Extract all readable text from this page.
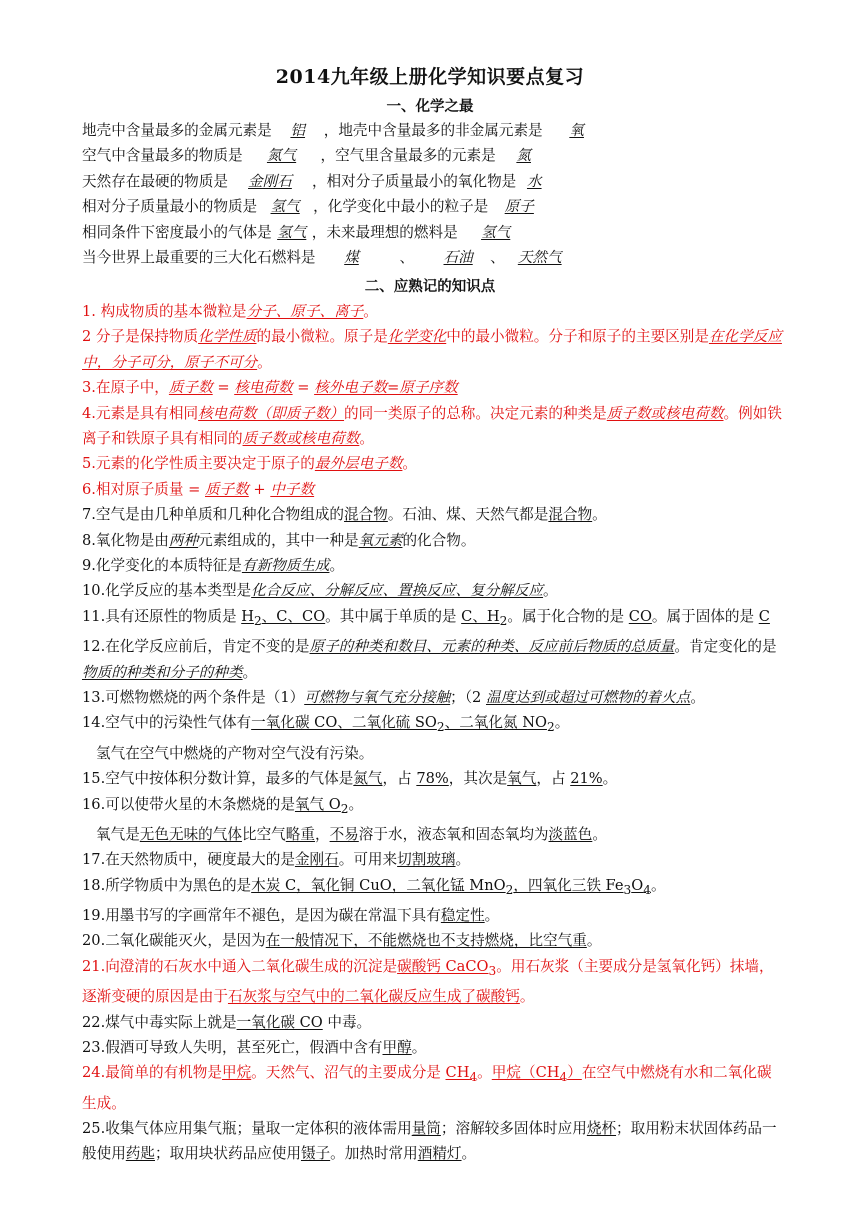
2014九年级上册化学知识要点复习
一、化学之最
地壳中含量最多的金属元素是 铝 ，地壳中含量最多的非金属元素是 氧
空气中含量最多的物质是 氮气 ，空气里含量最多的元素是 氮
天然存在最硬的物质是 金刚石 ，相对分子质量最小的氧化物是 水
相对分子质量最小的物质是 氢气 ，化学变化中最小的粒子是 原子
相同条件下密度最小的气体是 氢气 ，未来最理想的燃料是 氢气
当今世界上最重要的三大化石燃料是 煤	、 石油 、 天然气
二、应熟记的知识点
1. 构成物质的基本微粒是分子、原子、离子。
2 分子是保持物质化学性质的最小微粒。原子是化学变化中的最小微粒。分子和原子的主要区别是在化学反应中，分子可分，原子不可分。
3.在原子中，质子数 = 核电荷数 = 核外电子数=原子序数
4.元素是具有相同核电荷数（即质子数）的同一类原子的总称。决定元素的种类是质子数或核电荷数。例如铁离子和铁原子具有相同的质子数或核电荷数。
5.元素的化学性质主要决定于原子的最外层电子数。
6.相对原子质量 = 质子数 + 中子数
7.空气是由几种单质和几种化合物组成的混合物。石油、煤、天然气都是混合物。
8.氧化物是由两种元素组成的，其中一种是氧元素的化合物。
9.化学变化的本质特征是有新物质生成。
10.化学反应的基本类型是化合反应、分解反应、置换反应、复分解反应。
11.具有还原性的物质是 $H_2$、C、CO。其中属于单质的是 C、$H_2$。属于化合物的是 CO。属于固体的是 C
12.在化学反应前后，肯定不变的是原子的种类和数目、元素的种类、反应前后物质的总质量。肯定变化的是物质的种类和分子的种类。
13.可燃物燃烧的两个条件是（1）可燃物与氧气充分接触；（2 温度达到或超过可燃物的着火点。
14.空气中的污染性气体有一氧化碳 CO、二氧化硫 $SO_2$、二氧化氮 $NO_2$。
氢气在空气中燃烧的产物对空气没有污染。
15.空气中按体积分数计算，最多的气体是氮气，占 78%，其次是氧气，占 21%。
16.可以使带火星的木条燃烧的是氧气 $O_2$。
氧气是无色无味的气体比空气略重，不易溶于水，液态氧和固态氧均为淡蓝色。
17.在天然物质中，硬度最大的是金刚石。可用来切割玻璃。
18.所学物质中为黑色的是木炭 C，氧化铜 CuO，二氧化锰 MnO$_2$，四氧化三铁 $Fe_3O_4$。
19.用墨书写的字画常年不褪色，是因为碳在常温下具有稳定性。
20.二氧化碳能灭火，是因为在一般情况下，不能燃烧也不支持燃烧，比空气重。
21.向澄清的石灰水中通入二氧化碳生成的沉淀是碳酸钙 CaCO$_3$。用石灰浆（主要成分是氢氧化钙）抹墙，逐渐变硬的原因是由于石灰浆与空气中的二氧化碳反应生成了碳酸钙。
22.煤气中毒实际上就是一氧化碳 CO 中毒。
23.假酒可导致人失明，甚至死亡，假酒中含有甲醇。
24.最简单的有机物是甲烷。天然气、沼气的主要成分是 $CH_4$。甲烷$(CH_4)$在空气中燃烧有水和二氧化碳生成。
25.收集气体应用集气瓶；量取一定体积的液体需用量筒；溶解较多固体时应用烧杯；取用粉末状固体药品一般使用药匙；取用块状药品应使用镊子。加热时常用酒精灯。
